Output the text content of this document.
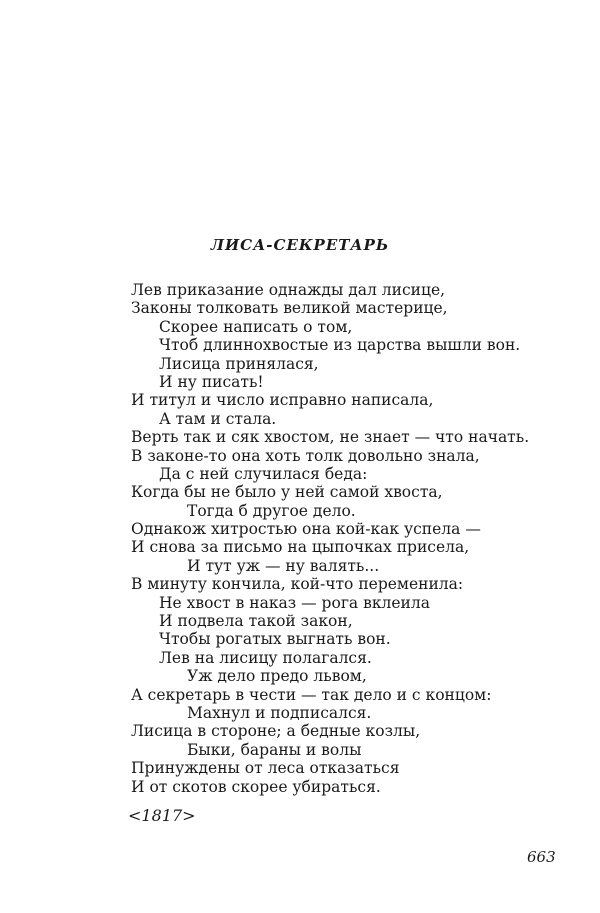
ЛИСА-СЕКРЕТАРЬ
Лев приказание однажды дал лисице,
Законы толковать великой мастерице,
Скорее написать о том,
Чтоб длиннохвостые из царства вышли вон.
Лисица принялася,
И ну писать!
И титул и число исправно написала,
А там и стала.
Верть так и сяк хвостом, не знает — что начать.
В законе-то она хоть толк довольно знала,
Да с ней случилася беда:
Когда бы не было у ней самой хвоста,
Тогда б другое дело.
Однакож хитростью она кой-как успела —
И снова за письмо на цыпочках присела,
И тут уж — ну валять...
В минуту кончила, кой-что переменила:
Не хвост в наказ — рога вклеила
И подвела такой закон,
Чтобы рогатых выгнать вон.
Лев на лисицу полагался.
Уж дело предо львом,
А секретарь в чести — так дело и с концом:
Махнул и подписался.
Лисица в стороне; а бедные козлы,
Быки, бараны и волы
Принуждены от леса отказаться
И от скотов скорее убираться.
<1817>
663
